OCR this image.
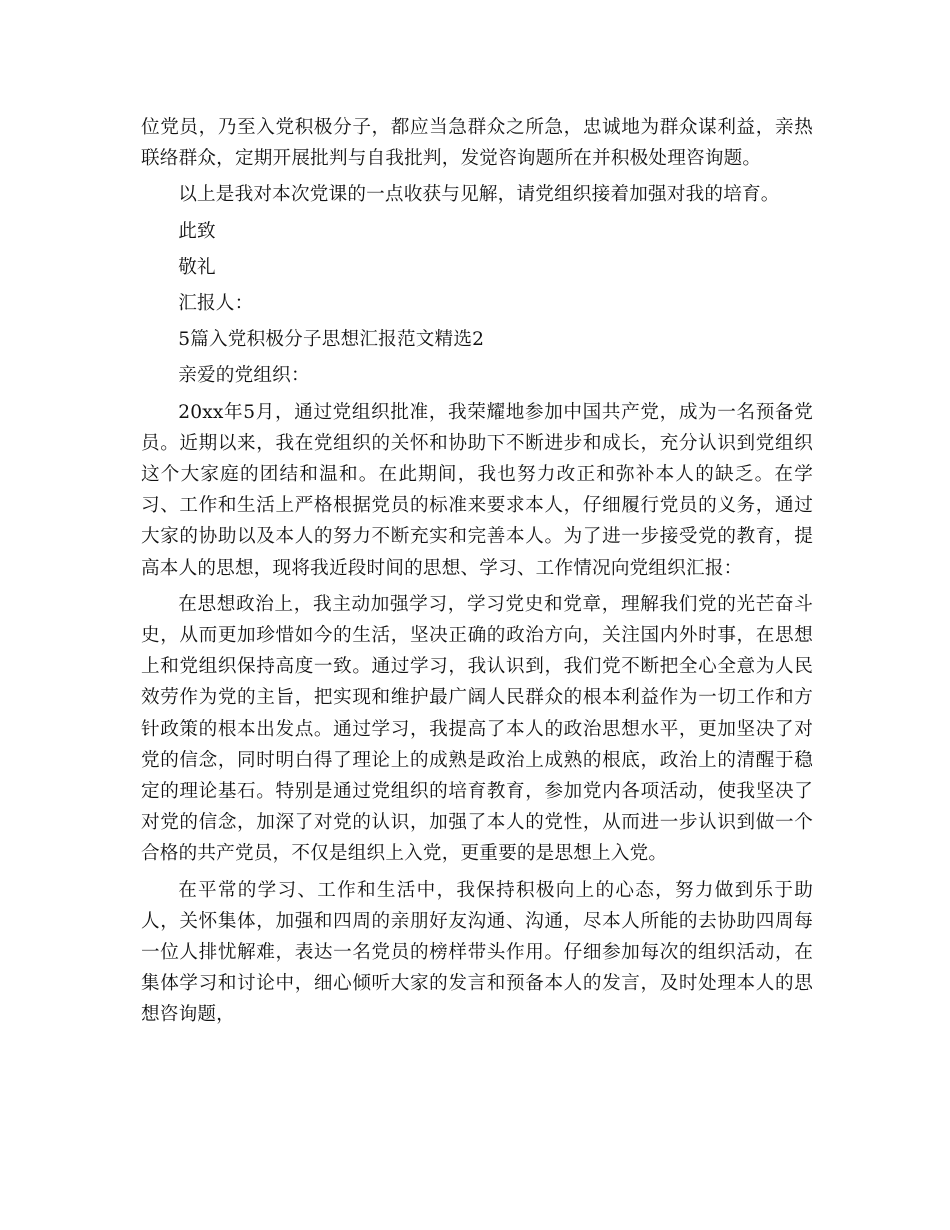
位党员，乃至入党积极分子，都应当急群众之所急，忠诚地为群众谋利益，亲热联络群众，定期开展批判与自我批判，发觉咨询题所在并积极处理咨询题。

以上是我对本次党课的一点收获与见解，请党组织接着加强对我的培育。

此致

敬礼

汇报人：

5篇入党积极分子思想汇报范文精选2

亲爱的党组织：

20xx年5月，通过党组织批准，我荣耀地参加中国共产党，成为一名预备党员。近期以来，我在党组织的关怀和协助下不断进步和成长，充分认识到党组织这个大家庭的团结和温和。在此期间，我也努力改正和弥补本人的缺乏。在学习、工作和生活上严格根据党员的标准来要求本人，仔细履行党员的义务，通过大家的协助以及本人的努力不断充实和完善本人。为了进一步接受党的教育，提高本人的思想，现将我近段时间的思想、学习、工作情况向党组织汇报：

在思想政治上，我主动加强学习，学习党史和党章，理解我们党的光芒奋斗史，从而更加珍惜如今的生活，坚决正确的政治方向，关注国内外时事，在思想上和党组织保持高度一致。通过学习，我认识到，我们党不断把全心全意为人民效劳作为党的主旨，把实现和维护最广阔人民群众的根本利益作为一切工作和方针政策的根本出发点。通过学习，我提高了本人的政治思想水平，更加坚决了对党的信念，同时明白得了理论上的成熟是政治上成熟的根底，政治上的清醒于稳定的理论基石。特别是通过党组织的培育教育，参加党内各项活动，使我坚决了对党的信念，加深了对党的认识，加强了本人的党性，从而进一步认识到做一个合格的共产党员，不仅是组织上入党，更重要的是思想上入党。

在平常的学习、工作和生活中，我保持积极向上的心态，努力做到乐于助人，关怀集体，加强和四周的亲朋好友沟通、沟通，尽本人所能的去协助四周每一位人排忧解难，表达一名党员的榜样带头作用。仔细参加每次的组织活动，在集体学习和讨论中，细心倾听大家的发言和预备本人的发言，及时处理本人的思想咨询题，
